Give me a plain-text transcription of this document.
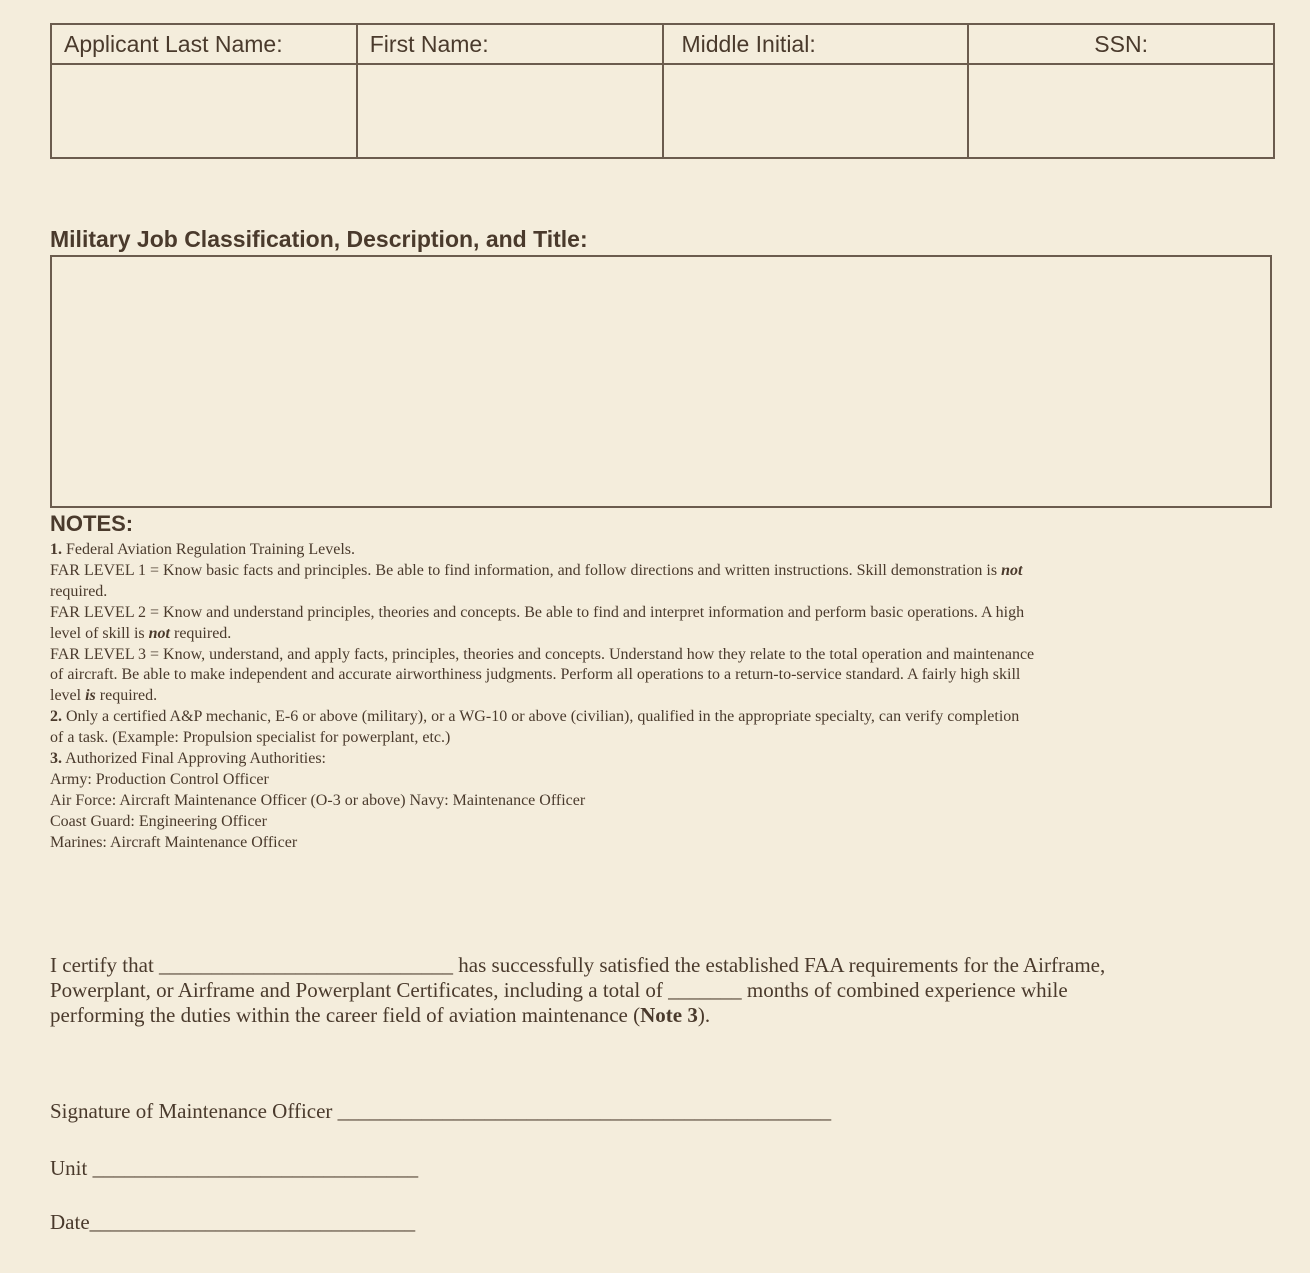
Applicant Last Name:	First Name:	Middle Initial:	SSN:

Military Job Classification, Description, and Title:
NOTES:
1. Federal Aviation Regulation Training Levels.
FAR LEVEL 1 = Know basic facts and principles. Be able to find information, and follow directions and written instructions. Skill demonstration is not
required.
FAR LEVEL 2 = Know and understand principles, theories and concepts. Be able to find and interpret information and perform basic operations. A high
level of skill is not required.
FAR LEVEL 3 = Know, understand, and apply facts, principles, theories and concepts. Understand how they relate to the total operation and maintenance
of aircraft. Be able to make independent and accurate airworthiness judgments. Perform all operations to a return-to-service standard. A fairly high skill
level is required.
2. Only a certified A&P mechanic, E-6 or above (military), or a WG-10 or above (civilian), qualified in the appropriate specialty, can verify completion
of a task. (Example: Propulsion specialist for powerplant, etc.)
3. Authorized Final Approving Authorities:
Army: Production Control Officer
Air Force: Aircraft Maintenance Officer (O-3 or above) Navy: Maintenance Officer
Coast Guard: Engineering Officer
Marines: Aircraft Maintenance Officer
I certify that ____________________________ has successfully satisfied the established FAA requirements for the Airframe,
Powerplant, or Airframe and Powerplant Certificates, including a total of _______ months of combined experience while
performing the duties within the career field of aviation maintenance (Note 3).
Signature of Maintenance Officer _______________________________________________
Unit _______________________________
Date_______________________________
